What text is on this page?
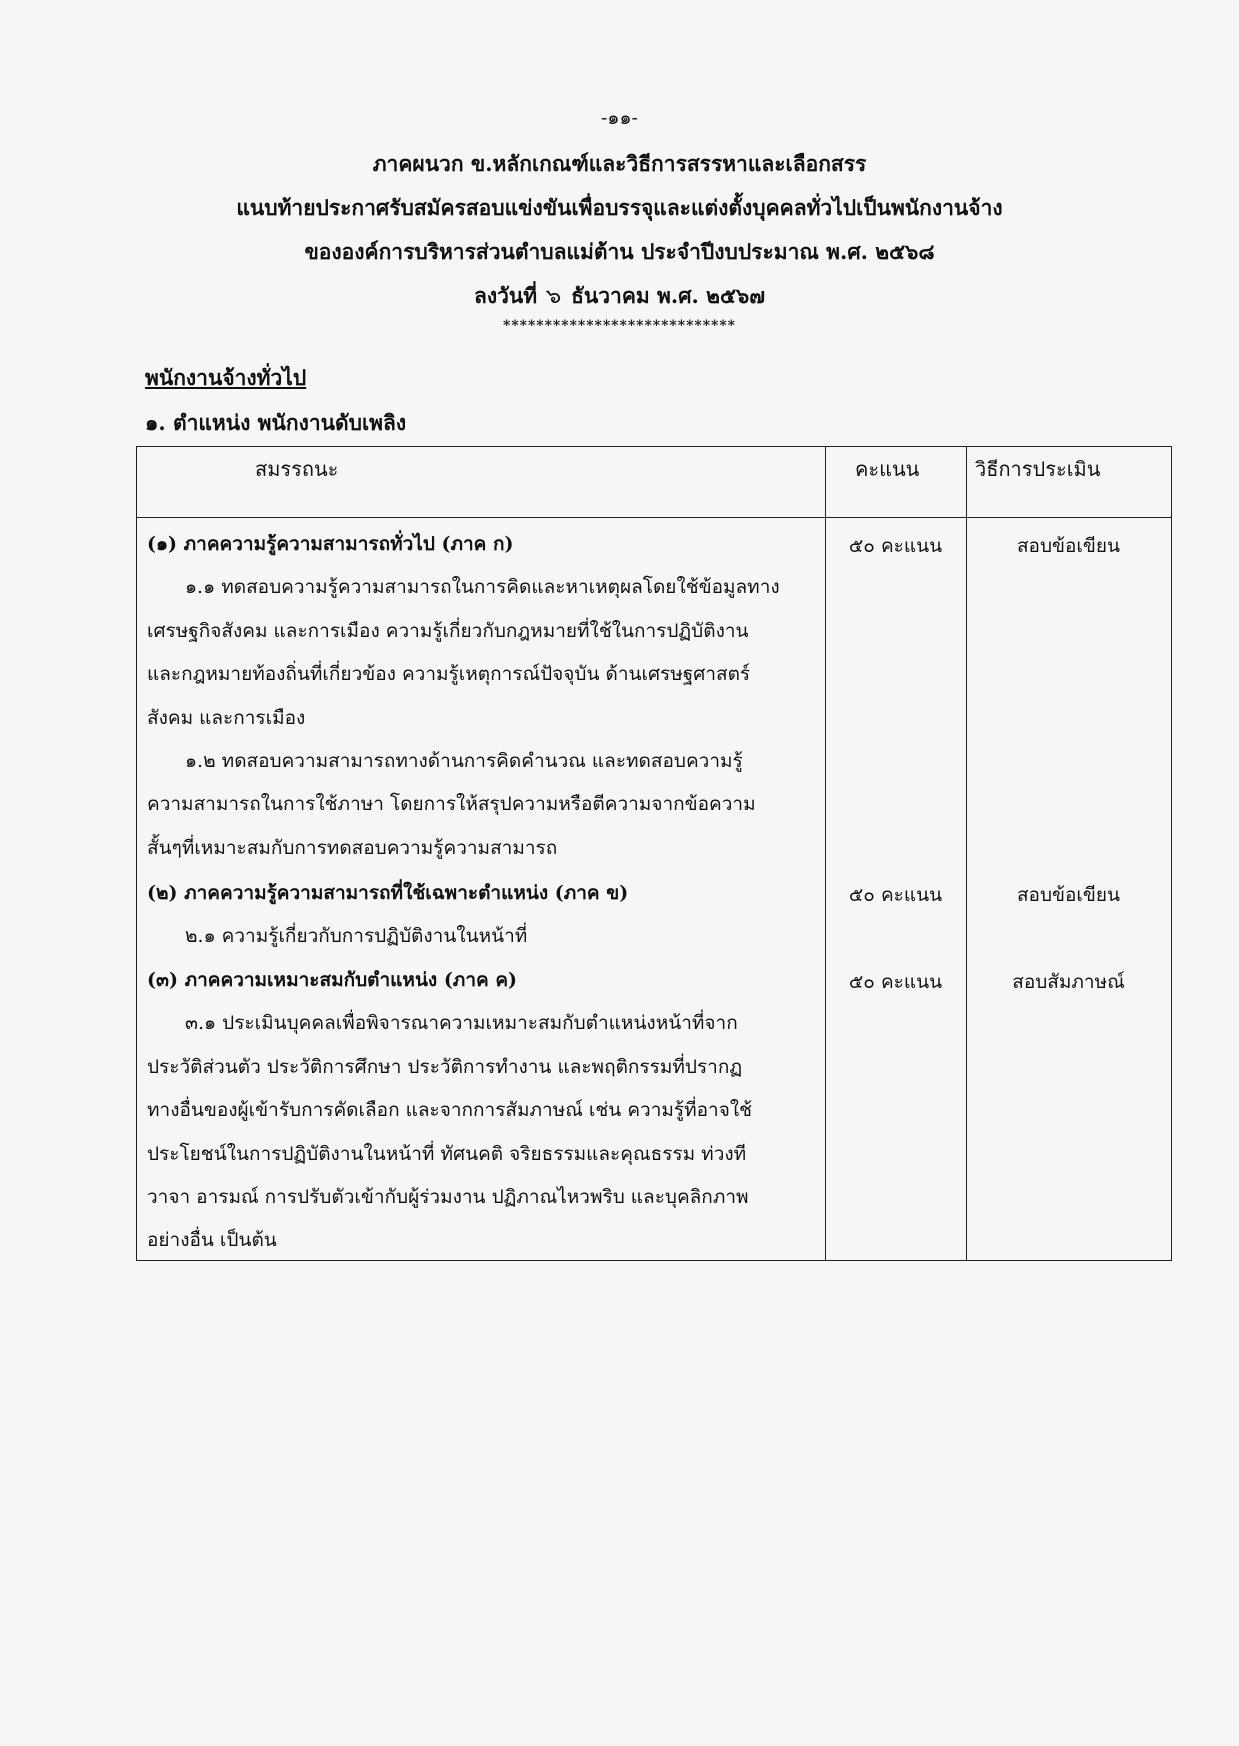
-๑๑-
ภาคผนวก ข.หลักเกณฑ์และวิธีการสรรหาและเลือกสรร
แนบท้ายประกาศรับสมัครสอบแข่งขันเพื่อบรรจุและแต่งตั้งบุคคลทั่วไปเป็นพนักงานจ้าง
ขององค์การบริหารส่วนตำบลแม่ต้าน ประจำปีงบประมาณ พ.ศ. ๒๕๖๘
ลงวันที่ ๖ ธันวาคม พ.ศ. ๒๕๖๗
****************************
พนักงานจ้างทั่วไป
๑. ตำแหน่ง พนักงานดับเพลิง
สมรรถนะ	คะแนน	วิธีการประเมิน
(๑) ภาคความรู้ความสามารถทั่วไป (ภาค ก)
๑.๑ ทดสอบความรู้ความสามารถในการคิดและหาเหตุผลโดยใช้ข้อมูลทาง
เศรษฐกิจสังคม และการเมือง ความรู้เกี่ยวกับกฎหมายที่ใช้ในการปฏิบัติงาน
และกฎหมายท้องถิ่นที่เกี่ยวข้อง ความรู้เหตุการณ์ปัจจุบัน ด้านเศรษฐศาสตร์
สังคม และการเมือง
๑.๒ ทดสอบความสามารถทางด้านการคิดคำนวณ และทดสอบความรู้
ความสามารถในการใช้ภาษา โดยการให้สรุปความหรือตีความจากข้อความ
สั้นๆที่เหมาะสมกับการทดสอบความรู้ความสามารถ
๕๐ คะแนน	สอบข้อเขียน
(๒) ภาคความรู้ความสามารถที่ใช้เฉพาะตำแหน่ง (ภาค ข)
๒.๑ ความรู้เกี่ยวกับการปฏิบัติงานในหน้าที่
๕๐ คะแนน	สอบข้อเขียน
(๓) ภาคความเหมาะสมกับตำแหน่ง (ภาค ค)
๓.๑ ประเมินบุคคลเพื่อพิจารณาความเหมาะสมกับตำแหน่งหน้าที่จาก
ประวัติส่วนตัว ประวัติการศึกษา ประวัติการทำงาน และพฤติกรรมที่ปรากฏ
ทางอื่นของผู้เข้ารับการคัดเลือก และจากการสัมภาษณ์ เช่น ความรู้ที่อาจใช้
ประโยชน์ในการปฏิบัติงานในหน้าที่ ทัศนคติ จริยธรรมและคุณธรรม ท่วงที
วาจา อารมณ์ การปรับตัวเข้ากับผู้ร่วมงาน ปฏิภาณไหวพริบ และบุคลิกภาพ
อย่างอื่น เป็นต้น
๕๐ คะแนน	สอบสัมภาษณ์
